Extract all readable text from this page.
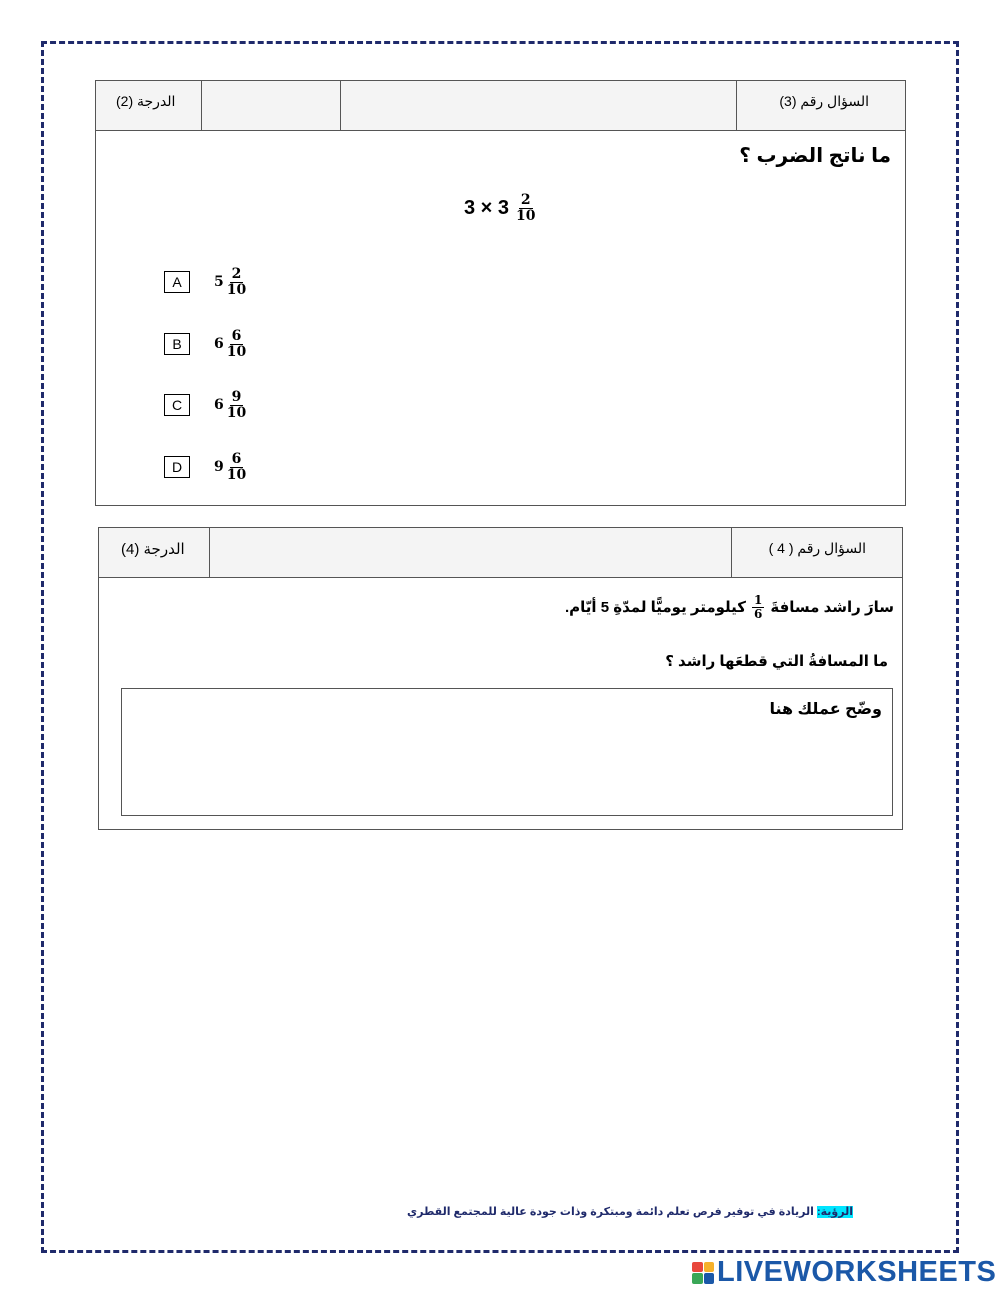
الدرجة (2)	السؤال رقم (3)
ما ناتج الضرب ؟
$3 \times 3 \frac{2}{10}$
A	$5 \frac{2}{10}$
B	$6 \frac{6}{10}$
C	$6 \frac{9}{10}$
D	$9 \frac{6}{10}$
الدرجة (4)	السؤال رقم ( 4 )
سارَ راشد مسافةَ
$\frac{1}{6}$
كيلومتر يوميًّا لمدّةِ 5 أيّام.
ما المسافةُ التي قطعَها راشد ؟
وضّح عملك هنا
الرؤية: الريادة في توفير فرص تعلم دائمة ومبتكرة وذات جودة عالية للمجتمع القطري
LIVEWORKSHEETS
